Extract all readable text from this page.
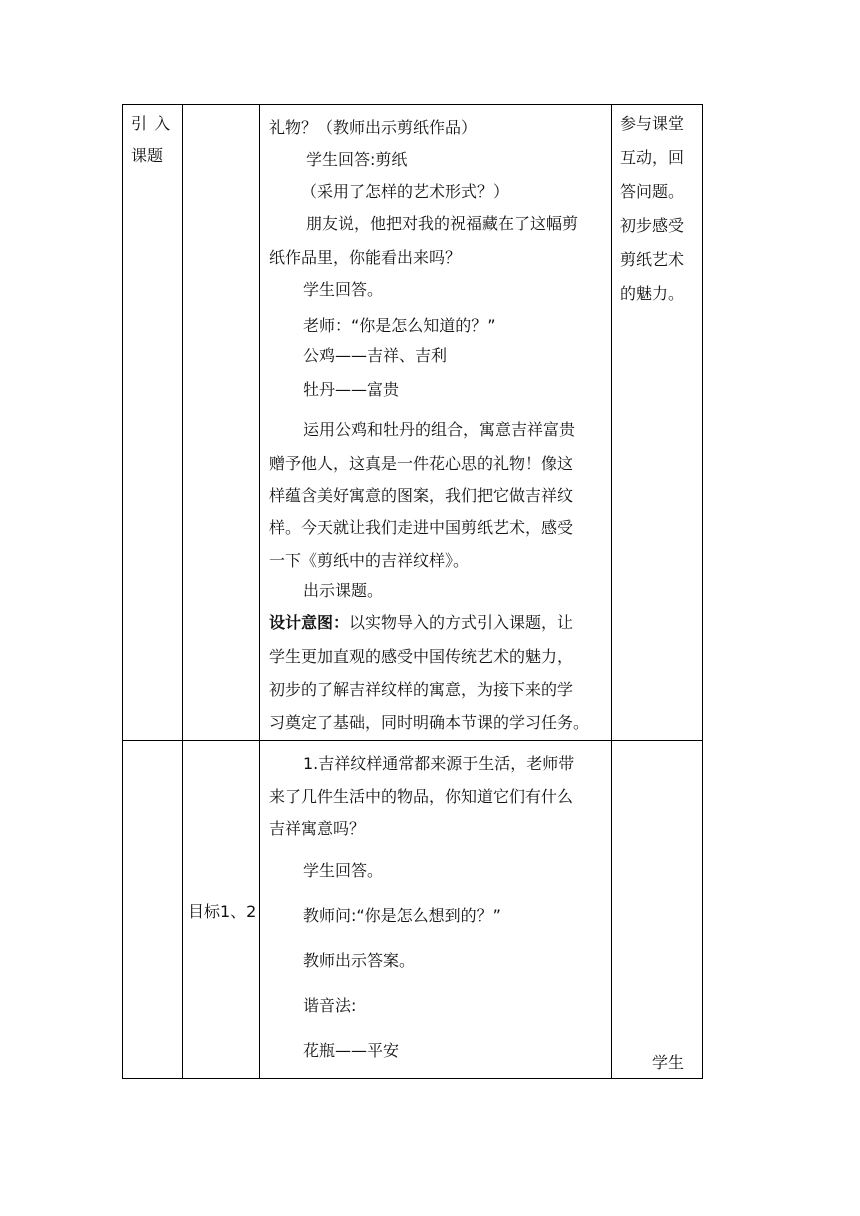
引 入
课题
礼物？（教师出示剪纸作品）
学生回答:剪纸
（采用了怎样的艺术形式？）
朋友说，他把对我的祝福藏在了这幅剪
纸作品里，你能看出来吗？
学生回答。
老师：“你是怎么知道的？”
公鸡——吉祥、吉利
牡丹——富贵
运用公鸡和牡丹的组合，寓意吉祥富贵
赠予他人，这真是一件花心思的礼物！像这
样蕴含美好寓意的图案，我们把它做吉祥纹
样。今天就让我们走进中国剪纸艺术，感受
一下《剪纸中的吉祥纹样》。
出示课题。
设计意图：以实物导入的方式引入课题，让
学生更加直观的感受中国传统艺术的魅力，
初步的了解吉祥纹样的寓意，为接下来的学
习奠定了基础，同时明确本节课的学习任务。
参与课堂
互动，回
答问题。
初步感受
剪纸艺术
的魅力。
目标1、2
1.吉祥纹样通常都来源于生活，老师带
来了几件生活中的物品，你知道它们有什么
吉祥寓意吗？
学生回答。
教师问:“你是怎么想到的？”
教师出示答案。
谐音法:
花瓶——平安
学生
